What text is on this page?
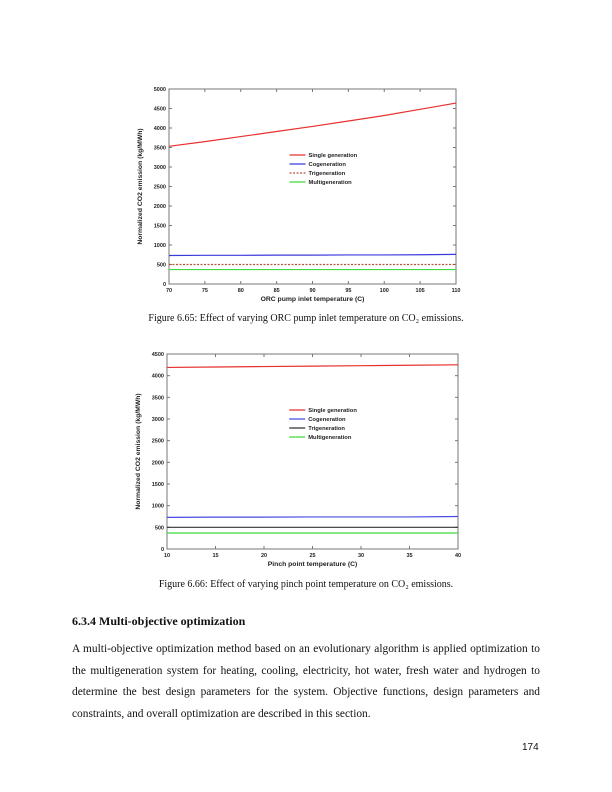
0
500
1000
1500
2000
2500
3000
3500
4000
4500
5000
70	75	80	85	90	95	100	105	110
ORC pump inlet temperature (C)
Normalized CO2 emission (kg/MWh)	Single generation
Cogeneration
Trigeneration
Multigeneration
Figure 6.65: Effect of varying ORC pump inlet temperature on CO₂ emissions.
0
500
1000
1500
2000
2500
3000
3500
4000
4500
10	15	20	25	30	35	40
Pinch point temperature (C)
Normalized CO2 emission (kg/MWh)	Single generation
Cogeneration
Trigeneration
Multigeneration
Figure 6.66: Effect of varying pinch point temperature on CO₂ emissions.
6.3.4 Multi-objective optimization
A multi-objective optimization method based on an evolutionary algorithm is applied optimization to the multigeneration system for heating, cooling, electricity, hot water, fresh water and hydrogen to determine the best design parameters for the system. Objective functions, design parameters and constraints, and overall optimization are described in this section.
174
